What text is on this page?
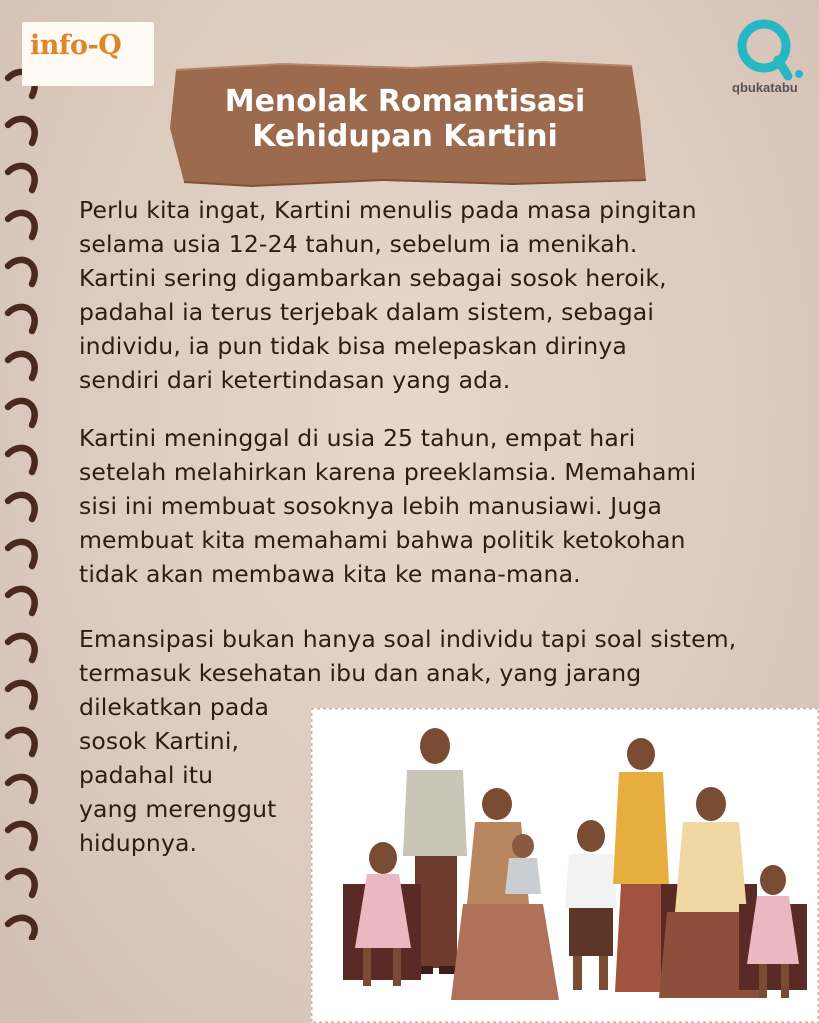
info-Q
qbukatabu
Menolak Romantisasi
Kehidupan Kartini

Perlu kita ingat, Kartini menulis pada masa pingitan
selama usia 12-24 tahun, sebelum ia menikah.
Kartini sering digambarkan sebagai sosok heroik,
padahal ia terus terjebak dalam sistem, sebagai
individu, ia pun tidak bisa melepaskan dirinya
sendiri dari ketertindasan yang ada.

Kartini meninggal di usia 25 tahun, empat hari
setelah melahirkan karena preeklamsia. Memahami
sisi ini membuat sosoknya lebih manusiawi. Juga
membuat kita memahami bahwa politik ketokohan
tidak akan membawa kita ke mana-mana.

Emansipasi bukan hanya soal individu tapi soal sistem,
termasuk kesehatan ibu dan anak, yang jarang
dilekatkan pada
sosok Kartini,
padahal itu
yang merenggut
hidupnya.
